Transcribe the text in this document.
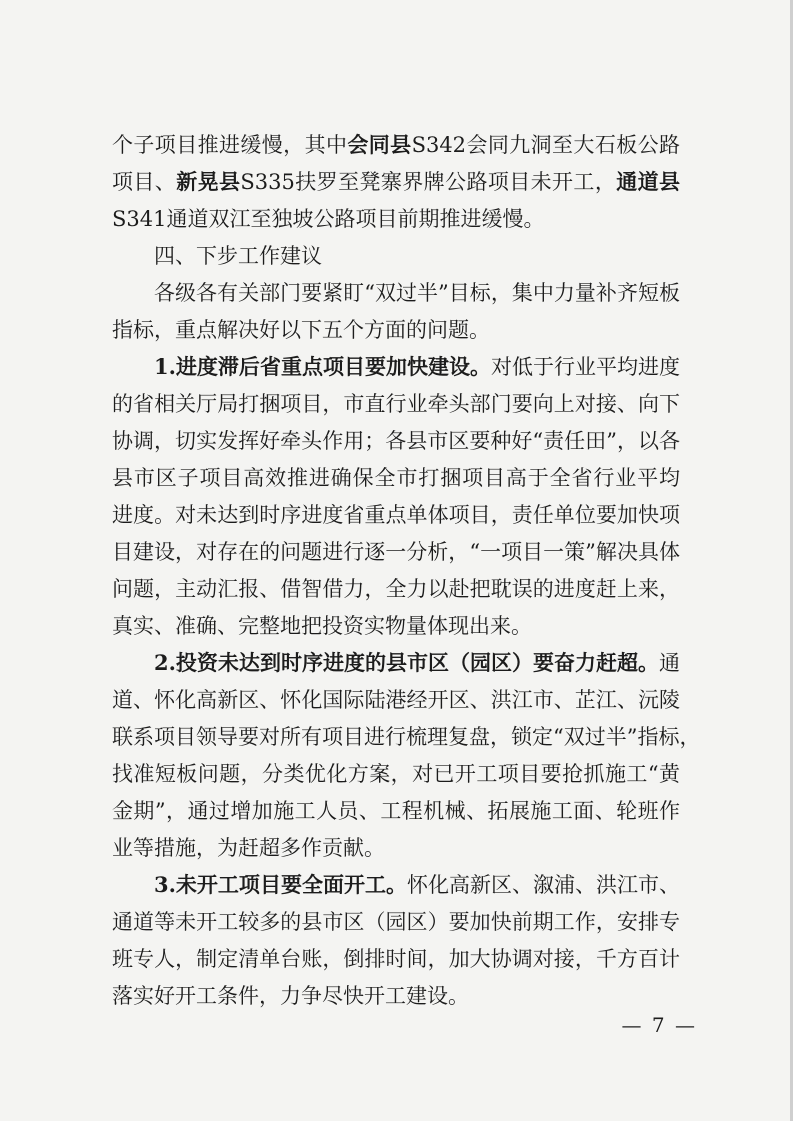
个子项目推进缓慢，其中会同县S342会同九洞至大石板公路
项目、新晃县S335扶罗至凳寨界牌公路项目未开工，通道县
S341通道双江至独坡公路项目前期推进缓慢。
四、下步工作建议
各级各有关部门要紧盯“双过半”目标，集中力量补齐短板
指标，重点解决好以下五个方面的问题。
1.进度滞后省重点项目要加快建设。对低于行业平均进度
的省相关厅局打捆项目，市直行业牵头部门要向上对接、向下
协调，切实发挥好牵头作用；各县市区要种好“责任田”，以各
县市区子项目高效推进确保全市打捆项目高于全省行业平均
进度。对未达到时序进度省重点单体项目，责任单位要加快项
目建设，对存在的问题进行逐一分析，“一项目一策”解决具体
问题，主动汇报、借智借力，全力以赴把耽误的进度赶上来，
真实、准确、完整地把投资实物量体现出来。
2.投资未达到时序进度的县市区（园区）要奋力赶超。通
道、怀化高新区、怀化国际陆港经开区、洪江市、芷江、沅陵
联系项目领导要对所有项目进行梳理复盘，锁定“双过半”指标，
找准短板问题，分类优化方案，对已开工项目要抢抓施工“黄
金期”，通过增加施工人员、工程机械、拓展施工面、轮班作
业等措施，为赶超多作贡献。
3.未开工项目要全面开工。怀化高新区、溆浦、洪江市、
通道等未开工较多的县市区（园区）要加快前期工作，安排专
班专人，制定清单台账，倒排时间，加大协调对接，千方百计
落实好开工条件，力争尽快开工建设。
— 7 —
